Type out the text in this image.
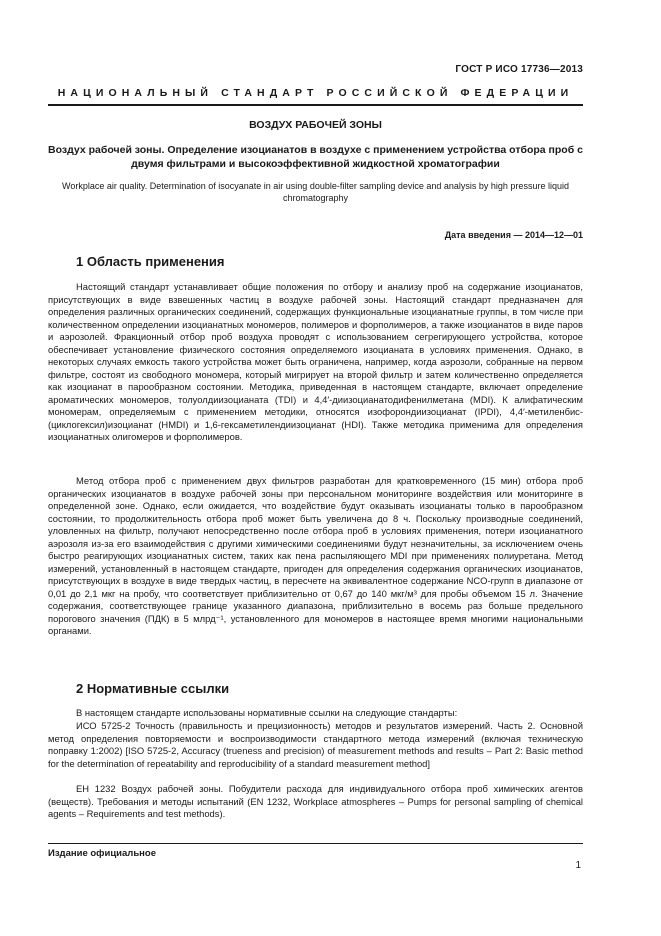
ГОСТ Р ИСО 17736—2013
НАЦИОНАЛЬНЫЙ СТАНДАРТ РОССИЙСКОЙ ФЕДЕРАЦИИ
ВОЗДУХ РАБОЧЕЙ ЗОНЫ
Воздух рабочей зоны. Определение изоцианатов в воздухе с применением устройства отбора проб с двумя фильтрами и высокоэффективной жидкостной хроматографии
Workplace air quality. Determination of isocyanate in air using double-filter sampling device and analysis by high pressure liquid chromatography
Дата введения — 2014—12—01
1 Область применения

Настоящий стандарт устанавливает общие положения по отбору и анализу проб на содержание изоцианатов, присутствующих в виде взвешенных частиц в воздухе рабочей зоны. Настоящий стандарт предназначен для определения различных органических соединений, содержащих функциональные изоцианатные группы, в том числе при количественном определении изоцианатных мономеров, полимеров и форполимеров, а также изоцианатов в виде паров и аэрозолей. Фракционный отбор проб воздуха проводят с использованием сегрегирующего устройства, которое обеспечивает установление физического состояния определяемого изоцианата в условиях применения. Однако, в некоторых случаях емкость такого устройства может быть ограничена, например, когда аэрозоли, собранные на первом фильтре, состоят из свободного мономера, который мигрирует на второй фильтр и затем количественно определяется как изоцианат в парообразном состоянии. Методика, приведенная в настоящем стандарте, включает определение ароматических мономеров, толуолдиизоцианата (TDI) и 4,4′-диизоцианатодифенилметана (MDI). К алифатическим мономерам, определяемым с применением методики, относятся изофорондиизоцианат (IPDI), 4,4′-метиленбис-(циклогексил)изоцианат (HMDI) и 1,6-гексаметилендиизоцианат (HDI). Также методика применима для определения изоцианатных олигомеров и форполимеров.

Метод отбора проб с применением двух фильтров разработан для кратковременного (15 мин) отбора проб органических изоцианатов в воздухе рабочей зоны при персональном мониторинге воздействия или мониторинге в определенной зоне. Однако, если ожидается, что воздействие будут оказывать изоцианаты только в парообразном состоянии, то продолжительность отбора проб может быть увеличена до 8 ч. Поскольку производные соединений, уловленных на фильтр, получают непосредственно после отбора проб в условиях применения, потери изоцианатного аэрозоля из-за его взаимодействия с другими химическими соединениями будут незначительны, за исключением очень быстро реагирующих изоцианатных систем, таких как пена распыляющего MDI при применениях полиуретана. Метод измерений, установленный в настоящем стандарте, пригоден для определения содержания органических изоцианатов, присутствующих в воздухе в виде твердых частиц, в пересчете на эквивалентное содержание NCO-групп в диапазоне от 0,01 до 2,1 мкг на пробу, что соответствует приблизительно от 0,67 до 140 мкг/м³ для пробы объемом 15 л. Значение содержания, соответствующее границе указанного диапазона, приблизительно в восемь раз больше предельного порогового значения (ПДК) в 5 млрд⁻¹, установленного для мономеров в настоящее время многими национальными органами.

2 Нормативные ссылки

В настоящем стандарте использованы нормативные ссылки на следующие стандарты:

ИСО 5725-2 Точность (правильность и прецизионность) методов и результатов измерений. Часть 2. Основной метод определения повторяемости и воспроизводимости стандартного метода измерений (включая техническую поправку 1:2002) [ISO 5725-2, Accuracy (trueness and precision) of measurement methods and results – Part 2: Basic method for the determination of repeatability and reproducibility of a standard measurement method]

ЕН 1232 Воздух рабочей зоны. Побудители расхода для индивидуального отбора проб химических агентов (веществ). Требования и методы испытаний (EN 1232, Workplace atmospheres – Pumps for personal sampling of chemical agents – Requirements and test methods).

Издание официальное
1
